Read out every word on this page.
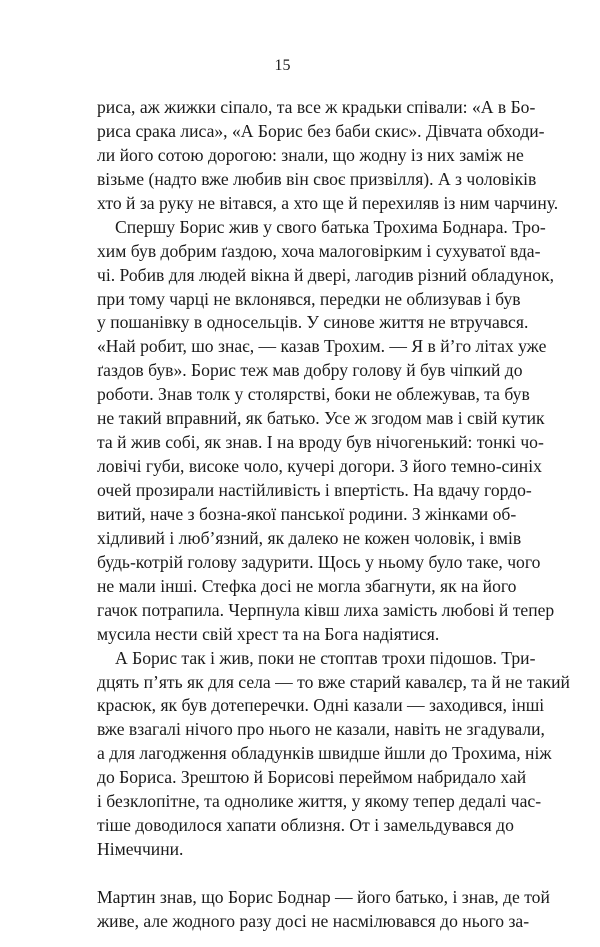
15
риса, аж жижки сіпало, та все ж крадьки співали: «А в Бо-
риса срака лиса», «А Борис без баби скис». Дівчата обходи-
ли його сотою дорогою: знали, що жодну із них заміж не
візьме (надто вже любив він своє призвілля). А з чоловіків
хто й за руку не вітався, а хто ще й перехиляв із ним чарчину.
Спершу Борис жив у свого батька Трохима Боднара. Тро-
хим був добрим ґаздою, хоча малоговірким і сухуватої вда-
чі. Робив для людей вікна й двері, лагодив різний обладунок,
при тому чарці не вклонявся, передки не облизував і був
у пошанівку в односельців. У синове життя не втручався.
«Най робит, шо знає, — казав Трохим. — Я в й’го літах уже
ґаздов був». Борис теж мав добру голову й був чіпкий до
роботи. Знав толк у столярстві, боки не облежував, та був
не такий вправний, як батько. Усе ж згодом мав і свій кутик
та й жив собі, як знав. І на вроду був нічогенький: тонкі чо-
ловічі губи, високе чоло, кучері догори. З його темно-синіх
очей прозирали настійливість і впертість. На вдачу гордо-
витий, наче з бозна-якої панської родини. З жінками об-
хідливий і люб’язний, як далеко не кожен чоловік, і вмів
будь-котрій голову задурити. Щось у ньому було таке, чого
не мали інші. Стефка досі не могла збагнути, як на його
гачок потрапила. Черпнула ківш лиха замість любові й тепер
мусила нести свій хрест та на Бога надіятися.
А Борис так і жив, поки не стоптав трохи підошов. Три-
дцять п’ять як для села — то вже старий кавалєр, та й не такий
красюк, як був дотеперечки. Одні казали — заходився, інші
вже взагалі нічого про нього не казали, навіть не згадували,
а для лагодження обладунків швидше йшли до Трохима, ніж
до Бориса. Зрештою й Борисові переймом набридало хай
і безклопітне, та однолике життя, у якому тепер дедалі час-
тіше доводилося хапати облизня. От і замельдувався до
Німеччини.
Мартин знав, що Борис Боднар — його батько, і знав, де той
живе, але жодного разу досі не насмілювався до нього за-
